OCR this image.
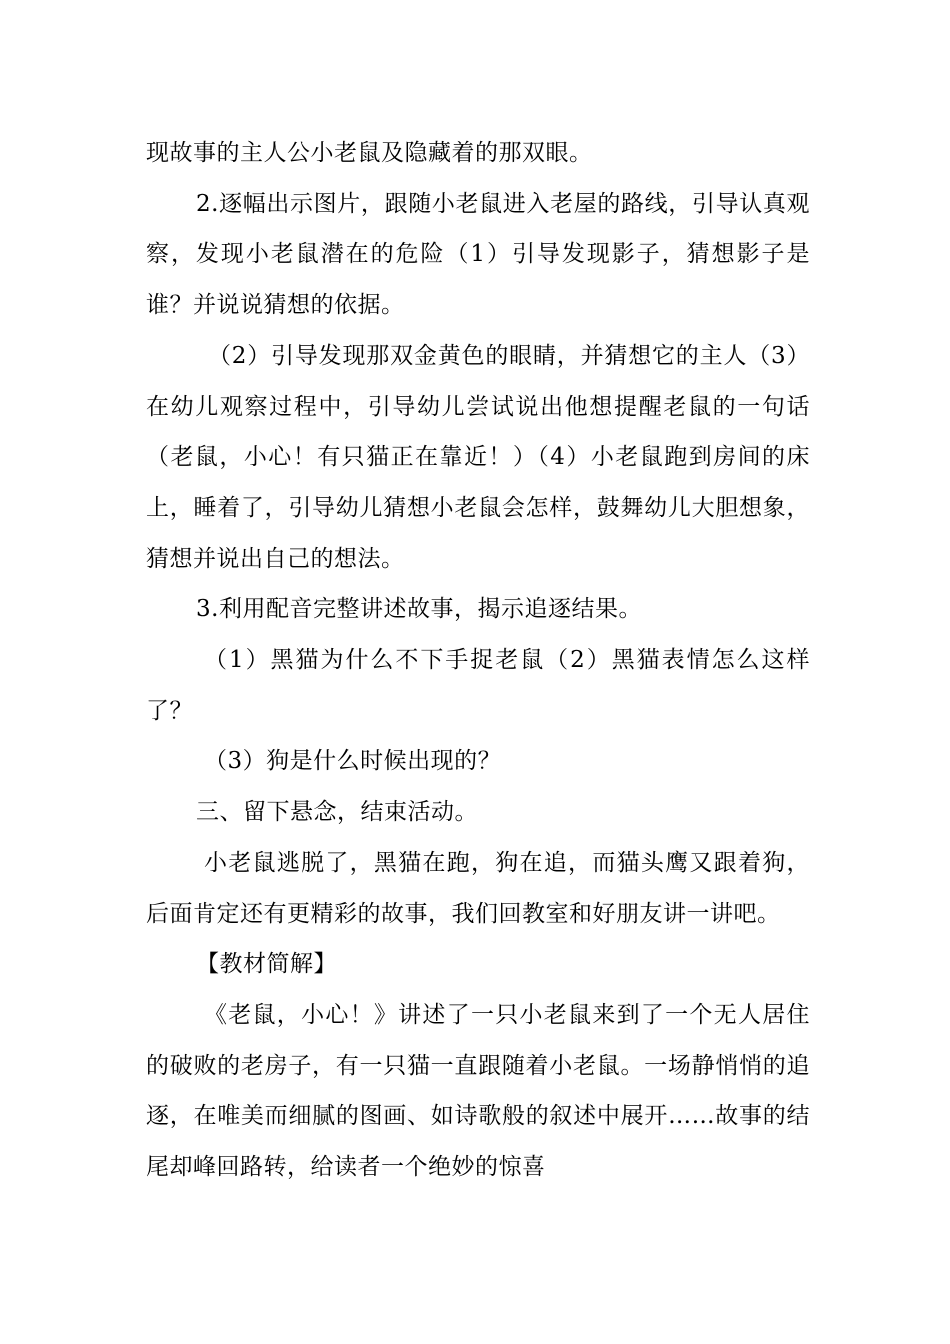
现故事的主人公小老鼠及隐藏着的那双眼。

2.逐幅出示图片，跟随小老鼠进入老屋的路线，引导认真观察，发现小老鼠潜在的危险（1）引导发现影子，猜想影子是谁？并说说猜想的依据。

（2）引导发现那双金黄色的眼睛，并猜想它的主人（3）在幼儿观察过程中，引导幼儿尝试说出他想提醒老鼠的一句话（老鼠，小心！有只猫正在靠近！）（4）小老鼠跑到房间的床上，睡着了，引导幼儿猜想小老鼠会怎样，鼓舞幼儿大胆想象，猜想并说出自己的想法。

3.利用配音完整讲述故事，揭示追逐结果。

（1）黑猫为什么不下手捉老鼠（2）黑猫表情怎么这样了？

（3）狗是什么时候出现的？

三、留下悬念，结束活动。

小老鼠逃脱了，黑猫在跑，狗在追，而猫头鹰又跟着狗，后面肯定还有更精彩的故事，我们回教室和好朋友讲一讲吧。

【教材简解】

《老鼠，小心！》讲述了一只小老鼠来到了一个无人居住的破败的老房子，有一只猫一直跟随着小老鼠。一场静悄悄的追逐，在唯美而细腻的图画、如诗歌般的叙述中展开……故事的结尾却峰回路转，给读者一个绝妙的惊喜
